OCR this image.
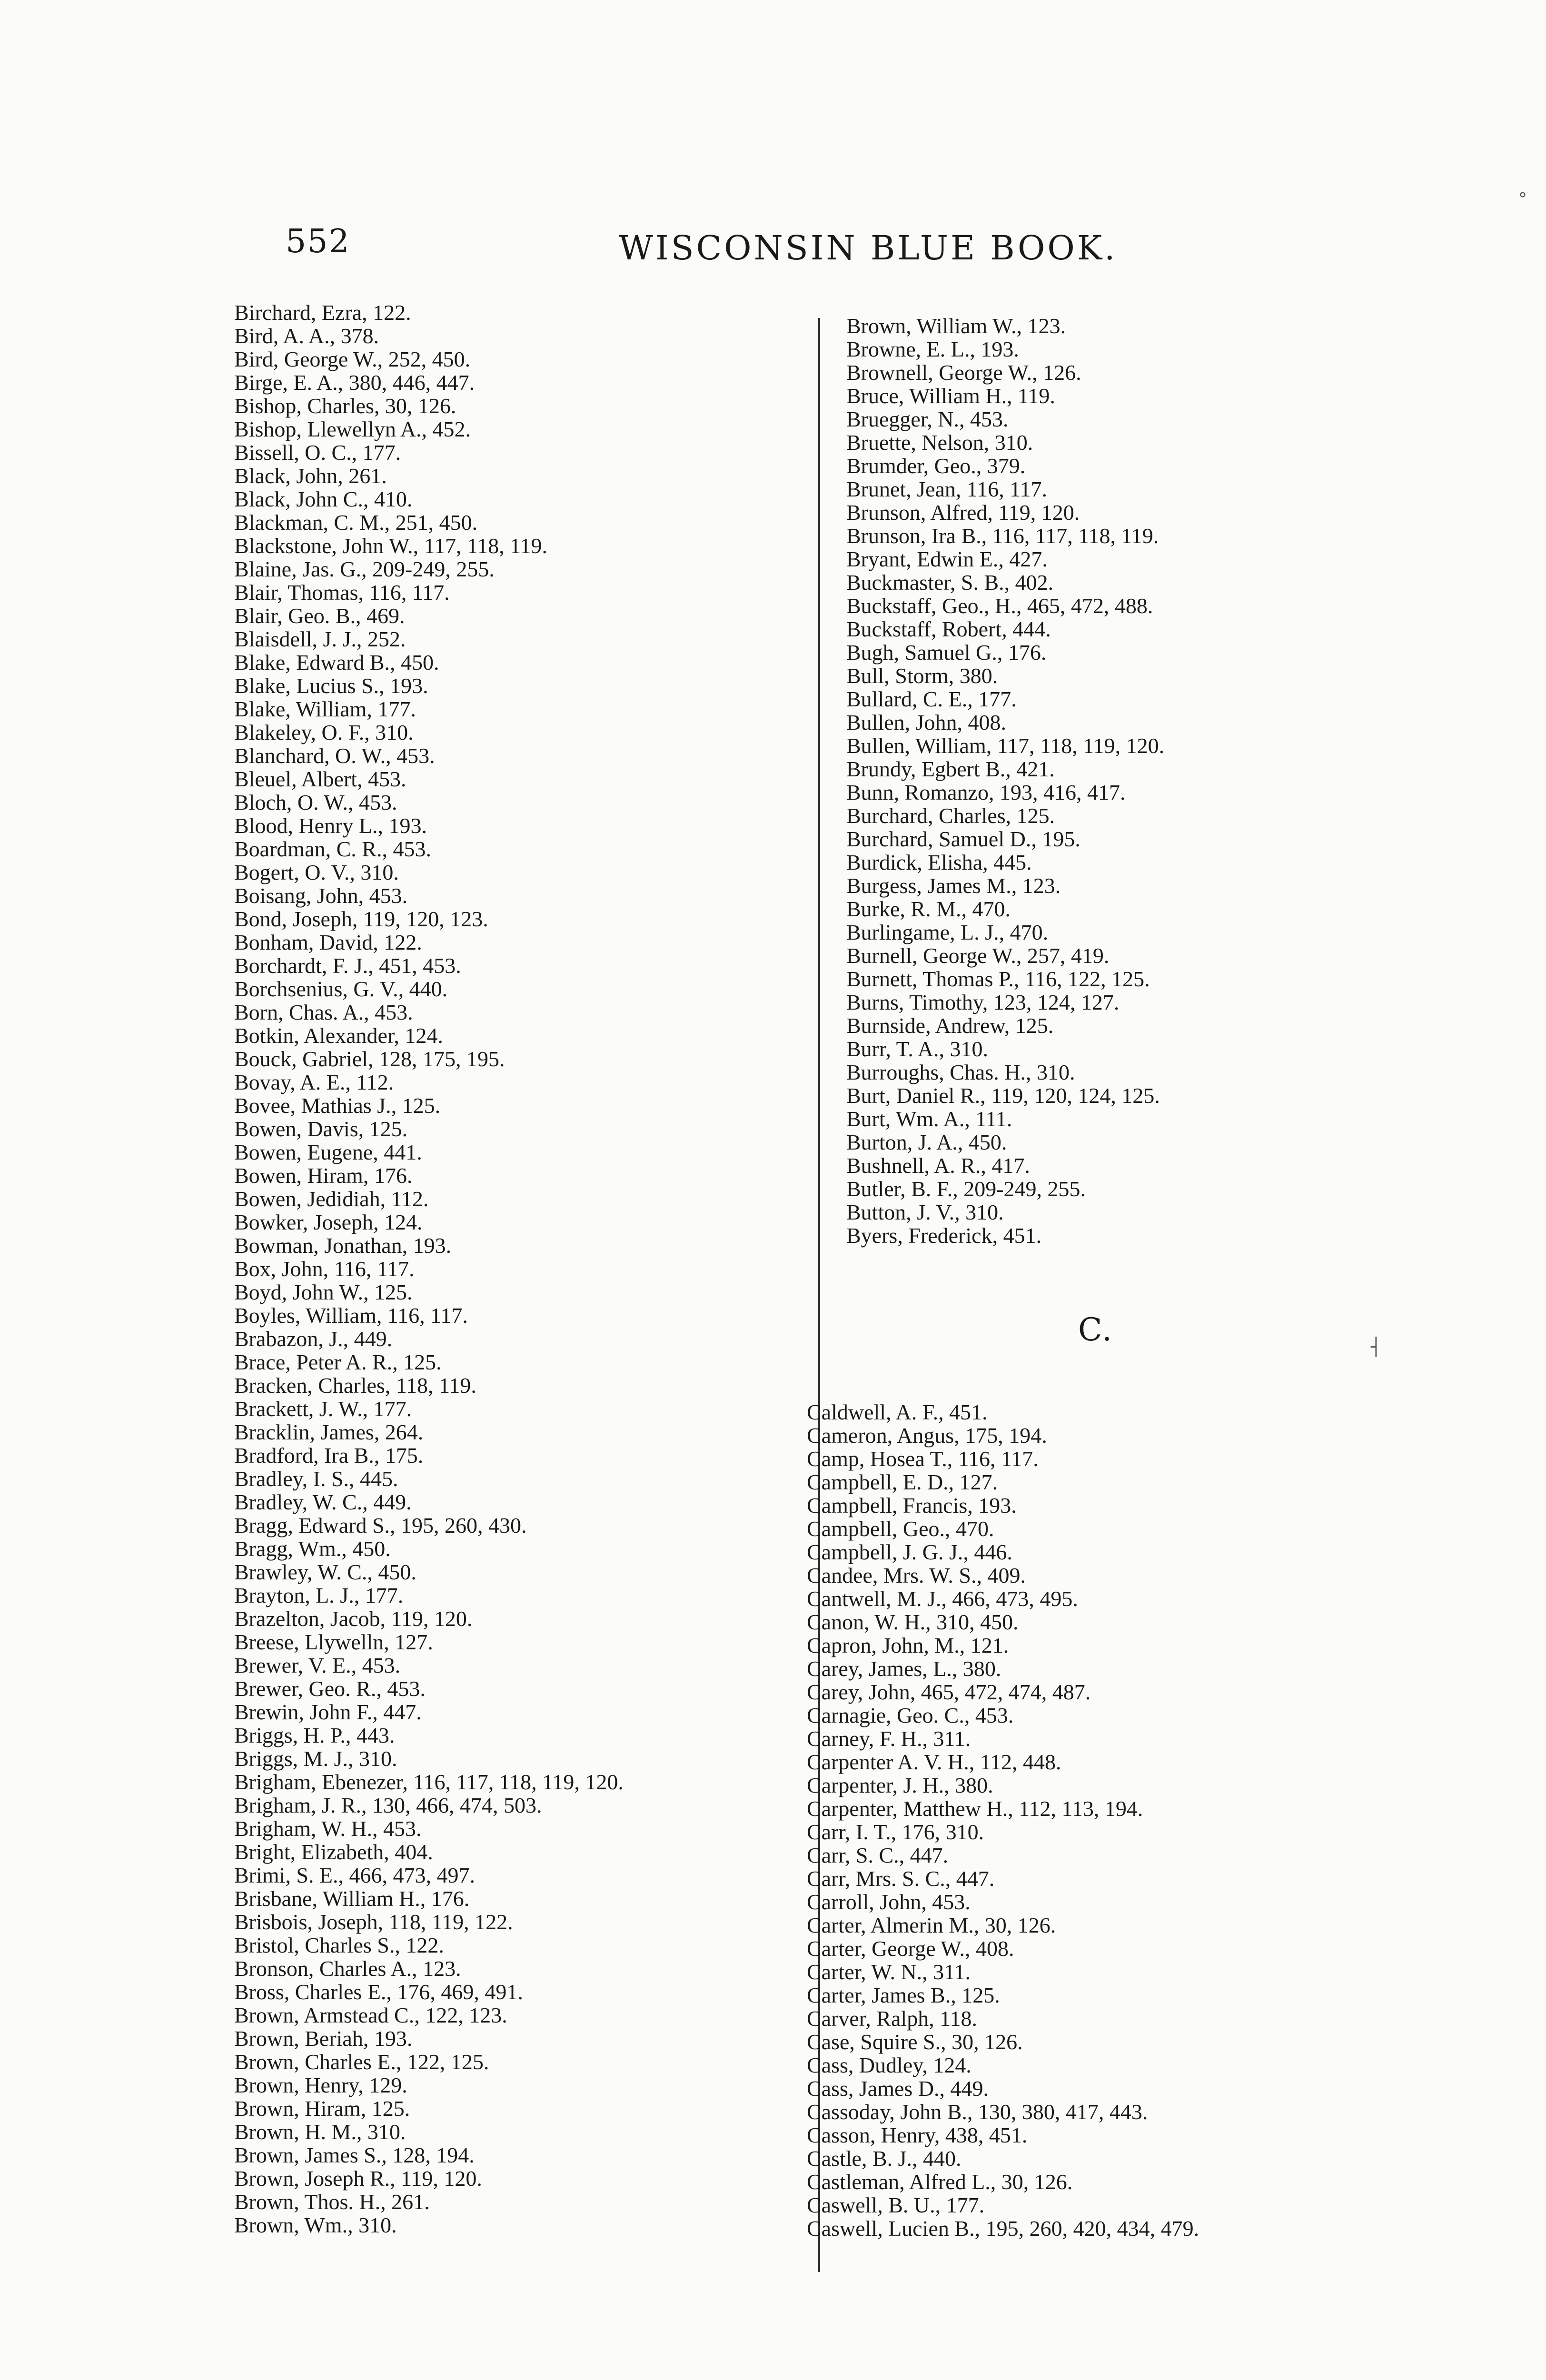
552	WISCONSIN BLUE BOOK.
Birchard, Ezra, 122.
Bird, A. A., 378.
Bird, George W., 252, 450.
Birge, E. A., 380, 446, 447.
Bishop, Charles, 30, 126.
Bishop, Llewellyn A., 452.
Bissell, O. C., 177.
Black, John, 261.
Black, John C., 410.
Blackman, C. M., 251, 450.
Blackstone, John W., 117, 118, 119.
Blaine, Jas. G., 209-249, 255.
Blair, Thomas, 116, 117.
Blair, Geo. B., 469.
Blaisdell, J. J., 252.
Blake, Edward B., 450.
Blake, Lucius S., 193.
Blake, William, 177.
Blakeley, O. F., 310.
Blanchard, O. W., 453.
Bleuel, Albert, 453.
Bloch, O. W., 453.
Blood, Henry L., 193.
Boardman, C. R., 453.
Bogert, O. V., 310.
Boisang, John, 453.
Bond, Joseph, 119, 120, 123.
Bonham, David, 122.
Borchardt, F. J., 451, 453.
Borchsenius, G. V., 440.
Born, Chas. A., 453.
Botkin, Alexander, 124.
Bouck, Gabriel, 128, 175, 195.
Bovay, A. E., 112.
Bovee, Mathias J., 125.
Bowen, Davis, 125.
Bowen, Eugene, 441.
Bowen, Hiram, 176.
Bowen, Jedidiah, 112.
Bowker, Joseph, 124.
Bowman, Jonathan, 193.
Box, John, 116, 117.
Boyd, John W., 125.
Boyles, William, 116, 117.
Brabazon, J., 449.
Brace, Peter A. R., 125.
Bracken, Charles, 118, 119.
Brackett, J. W., 177.
Bracklin, James, 264.
Bradford, Ira B., 175.
Bradley, I. S., 445.
Bradley, W. C., 449.
Bragg, Edward S., 195, 260, 430.
Bragg, Wm., 450.
Brawley, W. C., 450.
Brayton, L. J., 177.
Brazelton, Jacob, 119, 120.
Breese, Llywelln, 127.
Brewer, V. E., 453.
Brewer, Geo. R., 453.
Brewin, John F., 447.
Briggs, H. P., 443.
Briggs, M. J., 310.
Brigham, Ebenezer, 116, 117, 118, 119, 120.
Brigham, J. R., 130, 466, 474, 503.
Brigham, W. H., 453.
Bright, Elizabeth, 404.
Brimi, S. E., 466, 473, 497.
Brisbane, William H., 176.
Brisbois, Joseph, 118, 119, 122.
Bristol, Charles S., 122.
Bronson, Charles A., 123.
Bross, Charles E., 176, 469, 491.
Brown, Armstead C., 122, 123.
Brown, Beriah, 193.
Brown, Charles E., 122, 125.
Brown, Henry, 129.
Brown, Hiram, 125.
Brown, H. M., 310.
Brown, James S., 128, 194.
Brown, Joseph R., 119, 120.
Brown, Thos. H., 261.
Brown, Wm., 310.
Brown, William W., 123.
Browne, E. L., 193.
Brownell, George W., 126.
Bruce, William H., 119.
Bruegger, N., 453.
Bruette, Nelson, 310.
Brumder, Geo., 379.
Brunet, Jean, 116, 117.
Brunson, Alfred, 119, 120.
Brunson, Ira B., 116, 117, 118, 119.
Bryant, Edwin E., 427.
Buckmaster, S. B., 402.
Buckstaff, Geo., H., 465, 472, 488.
Buckstaff, Robert, 444.
Bugh, Samuel G., 176.
Bull, Storm, 380.
Bullard, C. E., 177.
Bullen, John, 408.
Bullen, William, 117, 118, 119, 120.
Brundy, Egbert B., 421.
Bunn, Romanzo, 193, 416, 417.
Burchard, Charles, 125.
Burchard, Samuel D., 195.
Burdick, Elisha, 445.
Burgess, James M., 123.
Burke, R. M., 470.
Burlingame, L. J., 470.
Burnell, George W., 257, 419.
Burnett, Thomas P., 116, 122, 125.
Burns, Timothy, 123, 124, 127.
Burnside, Andrew, 125.
Burr, T. A., 310.
Burroughs, Chas. H., 310.
Burt, Daniel R., 119, 120, 124, 125.
Burt, Wm. A., 111.
Burton, J. A., 450.
Bushnell, A. R., 417.
Butler, B. F., 209-249, 255.
Button, J. V., 310.
Byers, Frederick, 451.
C.
Caldwell, A. F., 451.
Cameron, Angus, 175, 194.
Camp, Hosea T., 116, 117.
Campbell, E. D., 127.
Campbell, Francis, 193.
Campbell, Geo., 470.
Campbell, J. G. J., 446.
Candee, Mrs. W. S., 409.
Cantwell, M. J., 466, 473, 495.
Canon, W. H., 310, 450.
Capron, John, M., 121.
Carey, James, L., 380.
Carey, John, 465, 472, 474, 487.
Carnagie, Geo. C., 453.
Carney, F. H., 311.
Carpenter A. V. H., 112, 448.
Carpenter, J. H., 380.
Carpenter, Matthew H., 112, 113, 194.
Carr, I. T., 176, 310.
Carr, S. C., 447.
Carr, Mrs. S. C., 447.
Carroll, John, 453.
Carter, Almerin M., 30, 126.
Carter, George W., 408.
Carter, W. N., 311.
Carter, James B., 125.
Carver, Ralph, 118.
Case, Squire S., 30, 126.
Cass, Dudley, 124.
Cass, James D., 449.
Cassoday, John B., 130, 380, 417, 443.
Casson, Henry, 438, 451.
Castle, B. J., 440.
Castleman, Alfred L., 30, 126.
Caswell, B. U., 177.
Caswell, Lucien B., 195, 260, 420, 434, 479.
°
┤
